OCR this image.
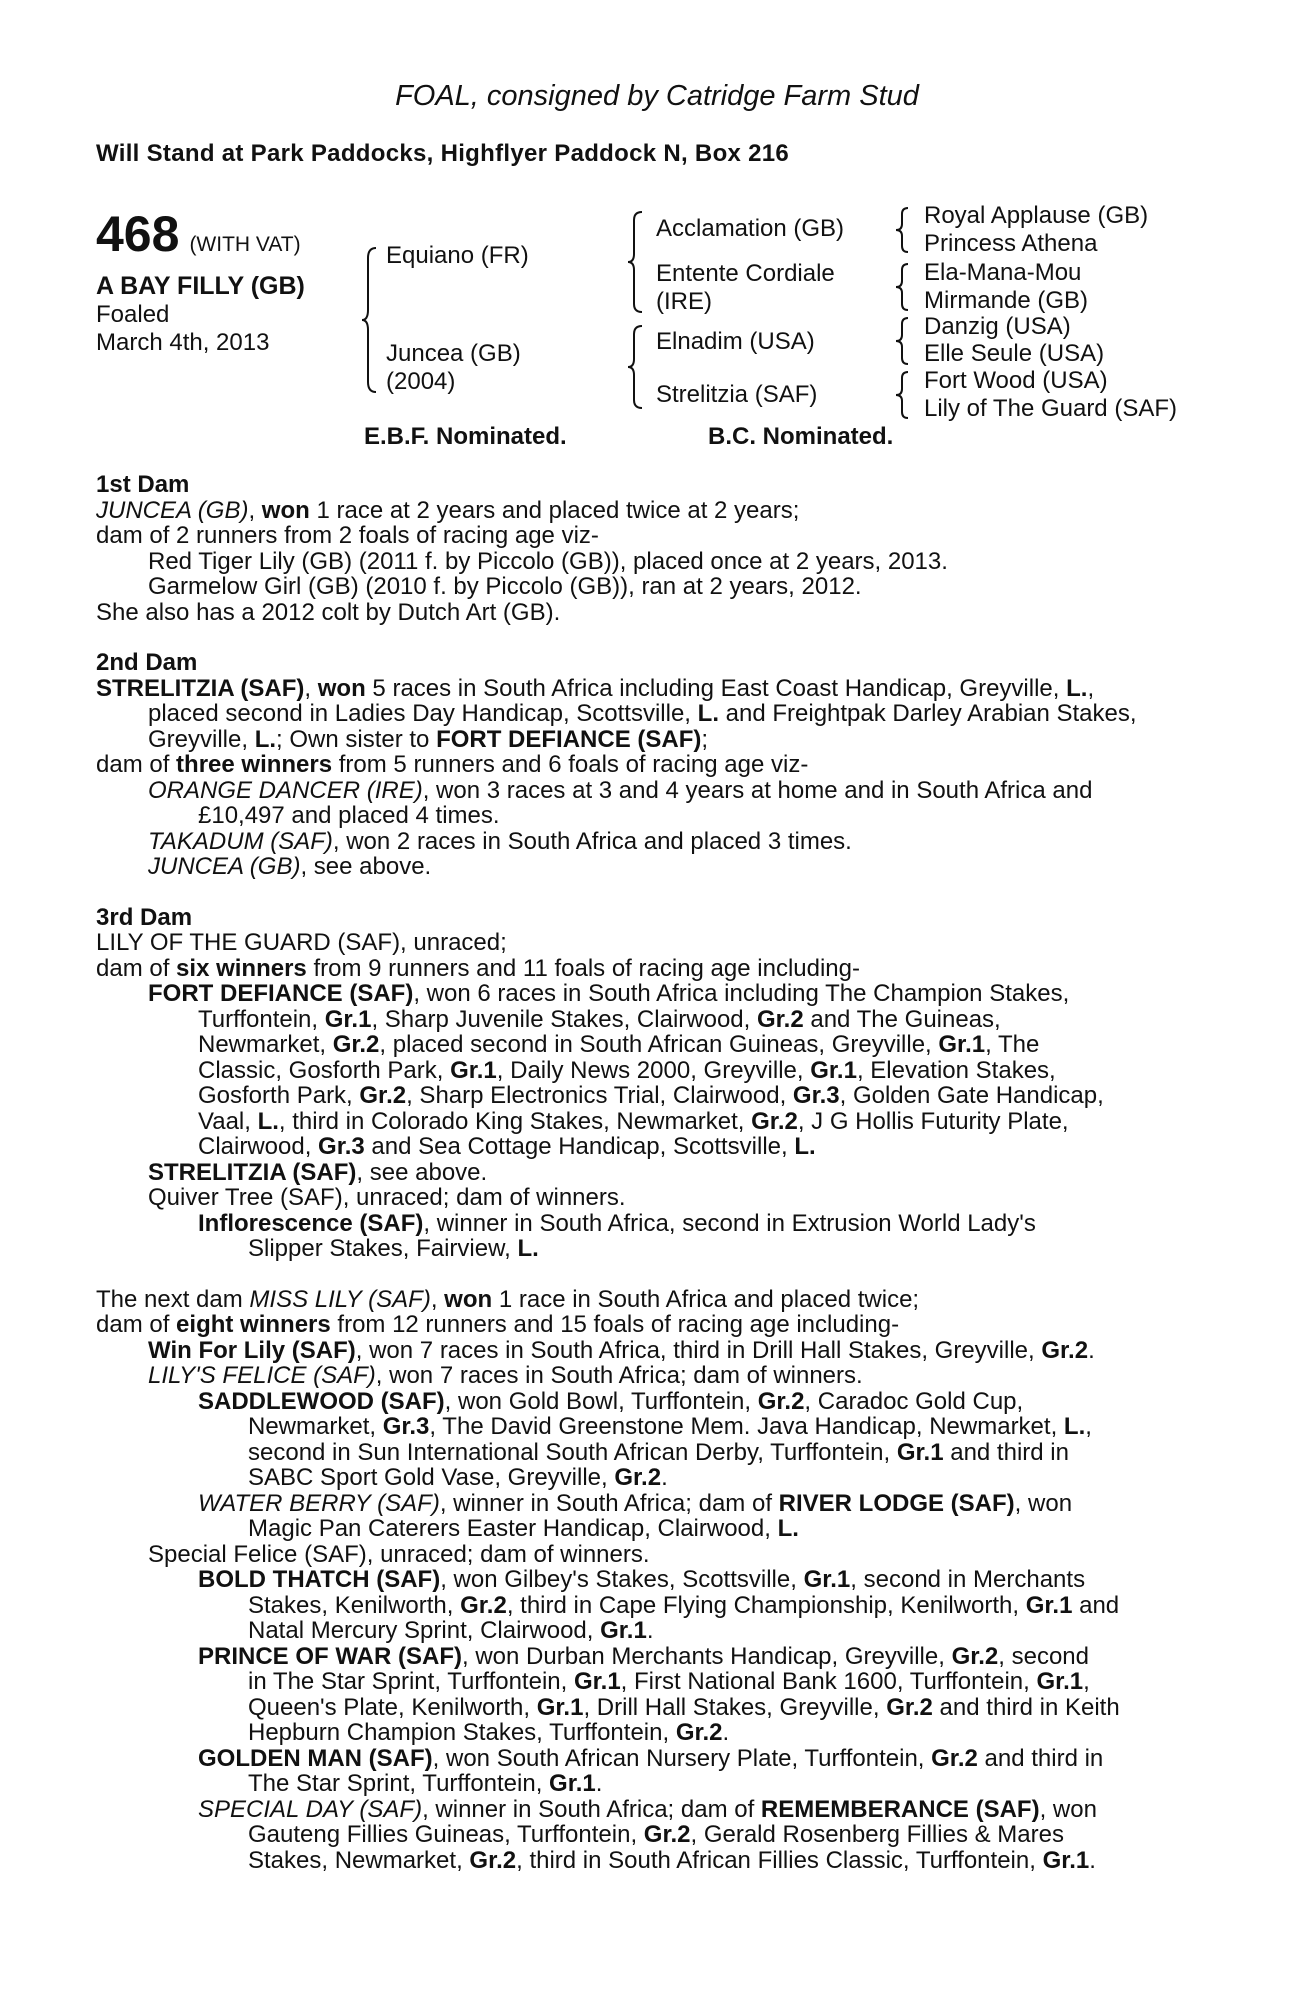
FOAL, consigned by Catridge Farm Stud
Will Stand at Park Paddocks, Highflyer Paddock N, Box 216
468 (WITH VAT)
A BAY FILLY (GB)
Foaled
March 4th, 2013
Equiano (FR)
Juncea (GB)
(2004)
Acclamation (GB)
Entente Cordiale
(IRE)
Elnadim (USA)
Strelitzia (SAF)
Royal Applause (GB)
Princess Athena
Ela-Mana-Mou
Mirmande (GB)
Danzig (USA)
Elle Seule (USA)
Fort Wood (USA)
Lily of The Guard (SAF)
E.B.F. Nominated.	B.C. Nominated.
1st Dam
JUNCEA (GB), won 1 race at 2 years and placed twice at 2 years;
dam of 2 runners from 2 foals of racing age viz-
Red Tiger Lily (GB) (2011 f. by Piccolo (GB)), placed once at 2 years, 2013.
Garmelow Girl (GB) (2010 f. by Piccolo (GB)), ran at 2 years, 2012.
She also has a 2012 colt by Dutch Art (GB).
2nd Dam
STRELITZIA (SAF), won 5 races in South Africa including East Coast Handicap, Greyville, L.,
placed second in Ladies Day Handicap, Scottsville, L. and Freightpak Darley Arabian Stakes,
Greyville, L.; Own sister to FORT DEFIANCE (SAF);
dam of three winners from 5 runners and 6 foals of racing age viz-
ORANGE DANCER (IRE), won 3 races at 3 and 4 years at home and in South Africa and
£10,497 and placed 4 times.
TAKADUM (SAF), won 2 races in South Africa and placed 3 times.
JUNCEA (GB), see above.
3rd Dam
LILY OF THE GUARD (SAF), unraced;
dam of six winners from 9 runners and 11 foals of racing age including-
FORT DEFIANCE (SAF), won 6 races in South Africa including The Champion Stakes,
Turffontein, Gr.1, Sharp Juvenile Stakes, Clairwood, Gr.2 and The Guineas,
Newmarket, Gr.2, placed second in South African Guineas, Greyville, Gr.1, The
Classic, Gosforth Park, Gr.1, Daily News 2000, Greyville, Gr.1, Elevation Stakes,
Gosforth Park, Gr.2, Sharp Electronics Trial, Clairwood, Gr.3, Golden Gate Handicap,
Vaal, L., third in Colorado King Stakes, Newmarket, Gr.2, J G Hollis Futurity Plate,
Clairwood, Gr.3 and Sea Cottage Handicap, Scottsville, L.
STRELITZIA (SAF), see above.
Quiver Tree (SAF), unraced; dam of winners.
Inflorescence (SAF), winner in South Africa, second in Extrusion World Lady's
Slipper Stakes, Fairview, L.
The next dam MISS LILY (SAF), won 1 race in South Africa and placed twice;
dam of eight winners from 12 runners and 15 foals of racing age including-
Win For Lily (SAF), won 7 races in South Africa, third in Drill Hall Stakes, Greyville, Gr.2.
LILY'S FELICE (SAF), won 7 races in South Africa; dam of winners.
SADDLEWOOD (SAF), won Gold Bowl, Turffontein, Gr.2, Caradoc Gold Cup,
Newmarket, Gr.3, The David Greenstone Mem. Java Handicap, Newmarket, L.,
second in Sun International South African Derby, Turffontein, Gr.1 and third in
SABC Sport Gold Vase, Greyville, Gr.2.
WATER BERRY (SAF), winner in South Africa; dam of RIVER LODGE (SAF), won
Magic Pan Caterers Easter Handicap, Clairwood, L.
Special Felice (SAF), unraced; dam of winners.
BOLD THATCH (SAF), won Gilbey's Stakes, Scottsville, Gr.1, second in Merchants
Stakes, Kenilworth, Gr.2, third in Cape Flying Championship, Kenilworth, Gr.1 and
Natal Mercury Sprint, Clairwood, Gr.1.
PRINCE OF WAR (SAF), won Durban Merchants Handicap, Greyville, Gr.2, second
in The Star Sprint, Turffontein, Gr.1, First National Bank 1600, Turffontein, Gr.1,
Queen's Plate, Kenilworth, Gr.1, Drill Hall Stakes, Greyville, Gr.2 and third in Keith
Hepburn Champion Stakes, Turffontein, Gr.2.
GOLDEN MAN (SAF), won South African Nursery Plate, Turffontein, Gr.2 and third in
The Star Sprint, Turffontein, Gr.1.
SPECIAL DAY (SAF), winner in South Africa; dam of REMEMBERANCE (SAF), won
Gauteng Fillies Guineas, Turffontein, Gr.2, Gerald Rosenberg Fillies & Mares
Stakes, Newmarket, Gr.2, third in South African Fillies Classic, Turffontein, Gr.1.
